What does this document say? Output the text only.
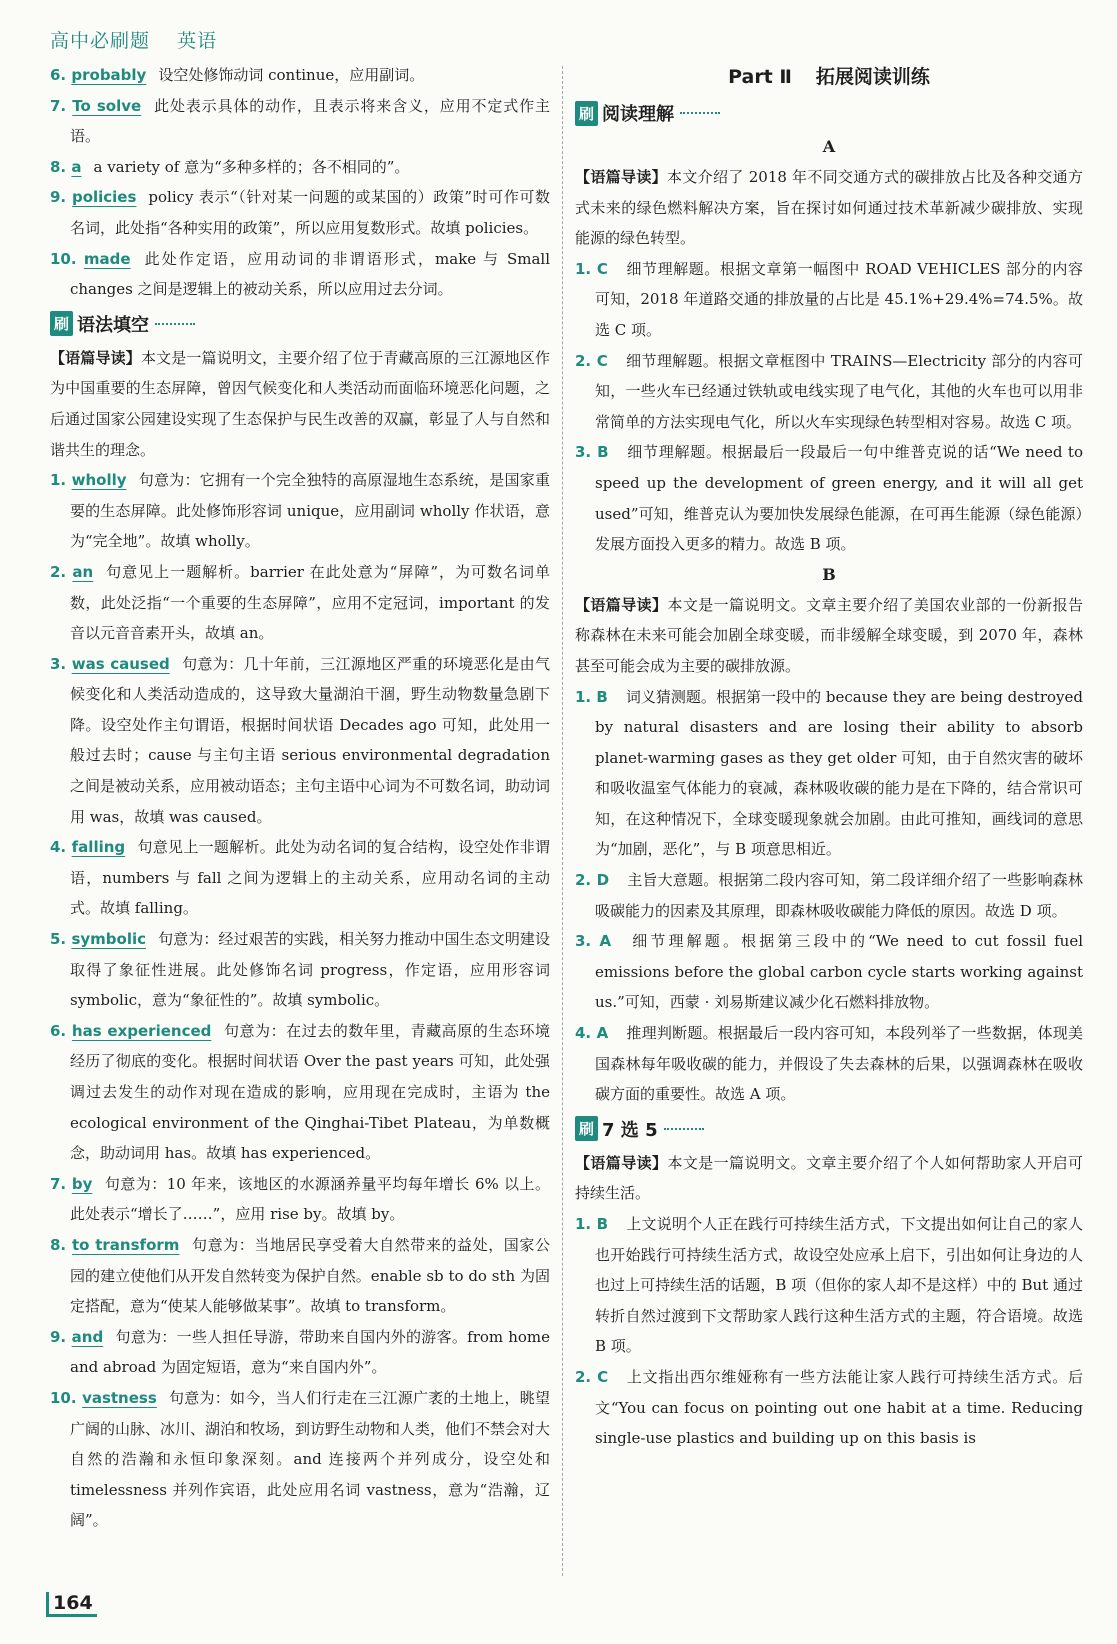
高中必刷题 英语
6. probably 设空处修饰动词 continue，应用副词。
7. To solve 此处表示具体的动作，且表示将来含义，应用不定式作主语。
8. a a variety of 意为“多种多样的；各不相同的”。
9. policies policy 表示“（针对某一问题的或某国的）政策”时可作可数名词，此处指“各种实用的政策”，所以应用复数形式。故填 policies。
10. made 此处作定语，应用动词的非谓语形式，make 与 Small changes 之间是逻辑上的被动关系，所以应用过去分词。
刷 语法填空
【语篇导读】本文是一篇说明文，主要介绍了位于青藏高原的三江源地区作为中国重要的生态屏障，曾因气候变化和人类活动而面临环境恶化问题，之后通过国家公园建设实现了生态保护与民生改善的双赢，彰显了人与自然和谐共生的理念。
1. wholly 句意为：它拥有一个完全独特的高原湿地生态系统，是国家重要的生态屏障。此处修饰形容词 unique，应用副词 wholly 作状语，意为“完全地”。故填 wholly。
2. an 句意见上一题解析。barrier 在此处意为“屏障”，为可数名词单数，此处泛指“一个重要的生态屏障”，应用不定冠词，important 的发音以元音音素开头，故填 an。
3. was caused 句意为：几十年前，三江源地区严重的环境恶化是由气候变化和人类活动造成的，这导致大量湖泊干涸，野生动物数量急剧下降。设空处作主句谓语，根据时间状语 Decades ago 可知，此处用一般过去时；cause 与主句主语 serious environmental degradation 之间是被动关系，应用被动语态；主句主语中心词为不可数名词，助动词用 was，故填 was caused。
4. falling 句意见上一题解析。此处为动名词的复合结构，设空处作非谓语，numbers 与 fall 之间为逻辑上的主动关系，应用动名词的主动式。故填 falling。
5. symbolic 句意为：经过艰苦的实践，相关努力推动中国生态文明建设取得了象征性进展。此处修饰名词 progress，作定语，应用形容词 symbolic，意为“象征性的”。故填 symbolic。
6. has experienced 句意为：在过去的数年里，青藏高原的生态环境经历了彻底的变化。根据时间状语 Over the past years 可知，此处强调过去发生的动作对现在造成的影响，应用现在完成时，主语为 the ecological environment of the Qinghai-Tibet Plateau，为单数概念，助动词用 has。故填 has experienced。
7. by 句意为：10 年来，该地区的水源涵养量平均每年增长 6% 以上。此处表示“增长了……”，应用 rise by。故填 by。
8. to transform 句意为：当地居民享受着大自然带来的益处，国家公园的建立使他们从开发自然转变为保护自然。enable sb to do sth 为固定搭配，意为“使某人能够做某事”。故填 to transform。
9. and 句意为：一些人担任导游，带助来自国内外的游客。from home and abroad 为固定短语，意为“来自国内外”。
10. vastness 句意为：如今，当人们行走在三江源广袤的土地上，眺望广阔的山脉、冰川、湖泊和牧场，到访野生动物和人类，他们不禁会对大自然的浩瀚和永恒印象深刻。and 连接两个并列成分，设空处和 timelessness 并列作宾语，此处应用名词 vastness，意为“浩瀚，辽阔”。
Part Ⅱ 拓展阅读训练
刷 阅读理解
A
【语篇导读】本文介绍了 2018 年不同交通方式的碳排放占比及各种交通方式未来的绿色燃料解决方案，旨在探讨如何通过技术革新减少碳排放、实现能源的绿色转型。
1. C 细节理解题。根据文章第一幅图中 ROAD VEHICLES 部分的内容可知，2018 年道路交通的排放量的占比是 45.1%+29.4%=74.5%。故选 C 项。
2. C 细节理解题。根据文章框图中 TRAINS—Electricity 部分的内容可知，一些火车已经通过铁轨或电线实现了电气化，其他的火车也可以用非常简单的方法实现电气化，所以火车实现绿色转型相对容易。故选 C 项。
3. B 细节理解题。根据最后一段最后一句中维普克说的话“We need to speed up the development of green energy, and it will all get used”可知，维普克认为要加快发展绿色能源，在可再生能源（绿色能源）发展方面投入更多的精力。故选 B 项。
B
【语篇导读】本文是一篇说明文。文章主要介绍了美国农业部的一份新报告称森林在未来可能会加剧全球变暖，而非缓解全球变暖，到 2070 年，森林甚至可能会成为主要的碳排放源。
1. B 词义猜测题。根据第一段中的 because they are being destroyed by natural disasters and are losing their ability to absorb planet-warming gases as they get older 可知，由于自然灾害的破坏和吸收温室气体能力的衰减，森林吸收碳的能力是在下降的，结合常识可知，在这种情况下，全球变暖现象就会加剧。由此可推知，画线词的意思为“加剧，恶化”，与 B 项意思相近。
2. D 主旨大意题。根据第二段内容可知，第二段详细介绍了一些影响森林吸碳能力的因素及其原理，即森林吸收碳能力降低的原因。故选 D 项。
3. A 细节理解题。根据第三段中的“We need to cut fossil fuel emissions before the global carbon cycle starts working against us.”可知，西蒙 · 刘易斯建议减少化石燃料排放物。
4. A 推理判断题。根据最后一段内容可知，本段列举了一些数据，体现美国森林每年吸收碳的能力，并假设了失去森林的后果，以强调森林在吸收碳方面的重要性。故选 A 项。
刷 7 选 5
【语篇导读】本文是一篇说明文。文章主要介绍了个人如何帮助家人开启可持续生活。
1. B 上文说明个人正在践行可持续生活方式，下文提出如何让自己的家人也开始践行可持续生活方式，故设空处应承上启下，引出如何让身边的人也过上可持续生活的话题，B 项（但你的家人却不是这样）中的 But 通过转折自然过渡到下文帮助家人践行这种生活方式的主题，符合语境。故选 B 项。
2. C 上文指出西尔维娅称有一些方法能让家人践行可持续生活方式。后文“You can focus on pointing out one habit at a time. Reducing single-use plastics and building up on this basis is
164
